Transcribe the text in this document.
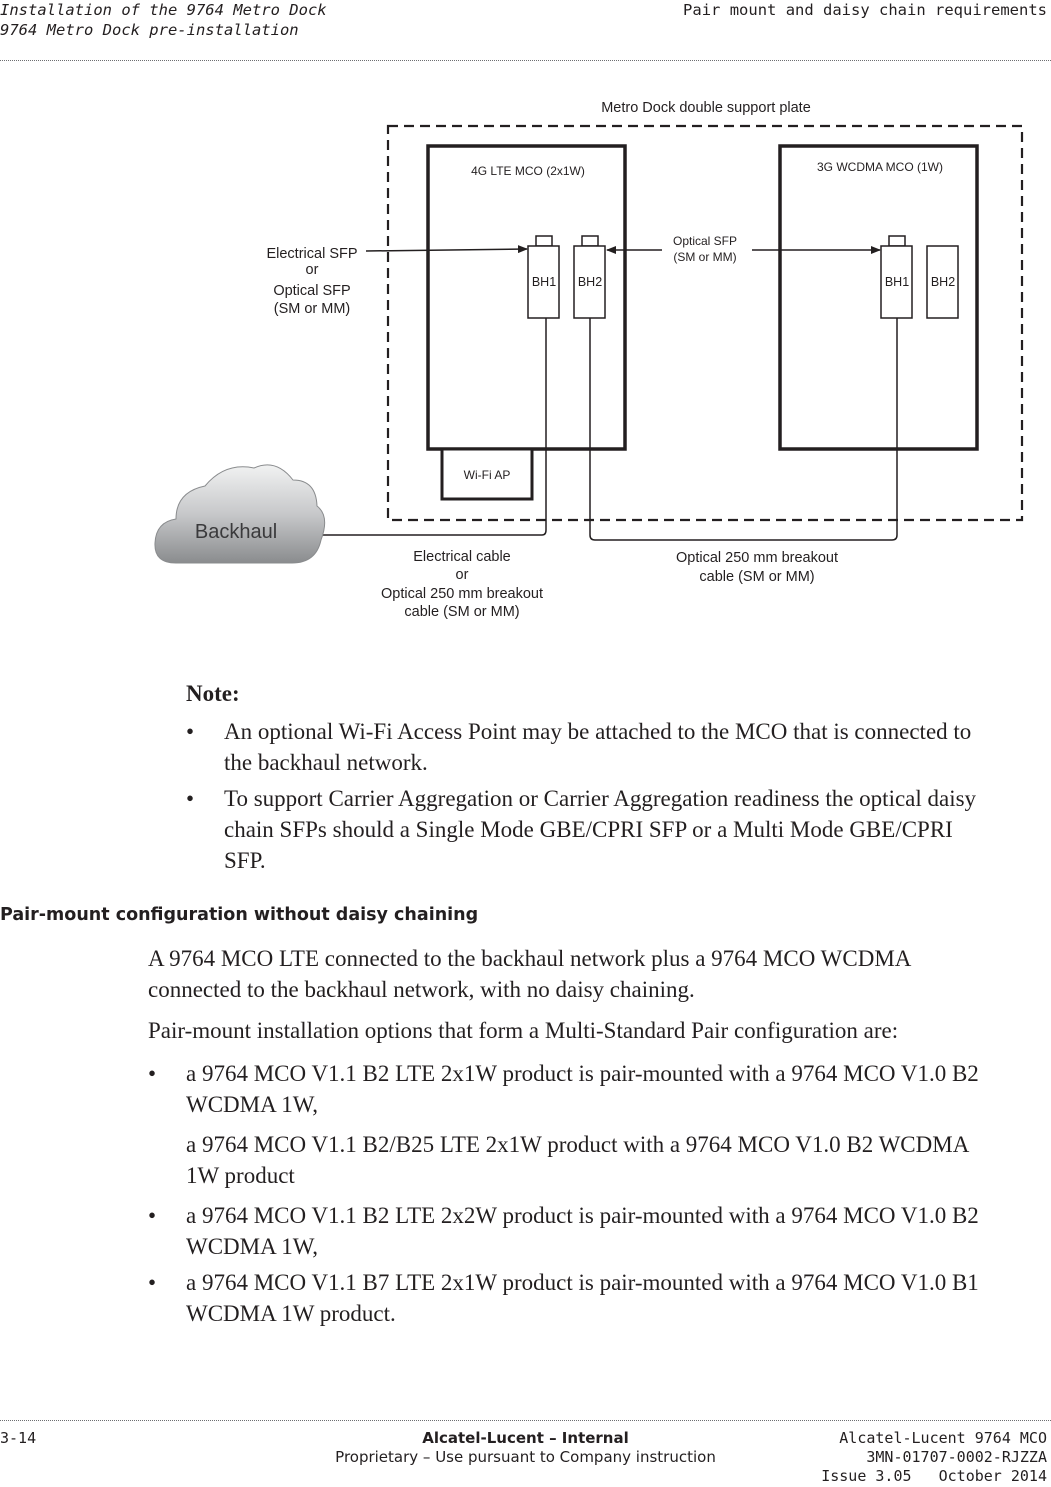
Installation of the 9764 Metro Dock
9764 Metro Dock pre-installation
Pair mount and daisy chain requirements
Metro Dock double support plate
4G LTE MCO (2x1W)	3G WCDMA MCO (1W)
Wi-Fi AP
BH1 BH2	BH1 BH2
Backhaul
Electrical SFP
or
Optical SFP
(SM or MM)
Optical SFP
(SM or MM)
Electrical cable
or
Optical 250 mm breakout
cable (SM or MM)
Optical 250 mm breakout
cable (SM or MM)
Note:
• An optional Wi-Fi Access Point may be attached to the MCO that is connected to
the backhaul network.
• To support Carrier Aggregation or Carrier Aggregation readiness the optical daisy
chain SFPs should a Single Mode GBE/CPRI SFP or a Multi Mode GBE/CPRI
SFP.
Pair-mount configuration without daisy chaining
A 9764 MCO LTE connected to the backhaul network plus a 9764 MCO WCDMA
connected to the backhaul network, with no daisy chaining.
Pair-mount installation options that form a Multi-Standard Pair configuration are:
• a 9764 MCO V1.1 B2 LTE 2x1W product is pair-mounted with a 9764 MCO V1.0 B2
WCDMA 1W,
a 9764 MCO V1.1 B2/B25 LTE 2x1W product with a 9764 MCO V1.0 B2 WCDMA
1W product
• a 9764 MCO V1.1 B2 LTE 2x2W product is pair-mounted with a 9764 MCO V1.0 B2
WCDMA 1W,
• a 9764 MCO V1.1 B7 LTE 2x1W product is pair-mounted with a 9764 MCO V1.0 B1
WCDMA 1W product.
3-14	Alcatel-Lucent – Internal
Proprietary – Use pursuant to Company instruction
Alcatel-Lucent 9764 MCO
3MN-01707-0002-RJZZA
Issue 3.05   October 2014
